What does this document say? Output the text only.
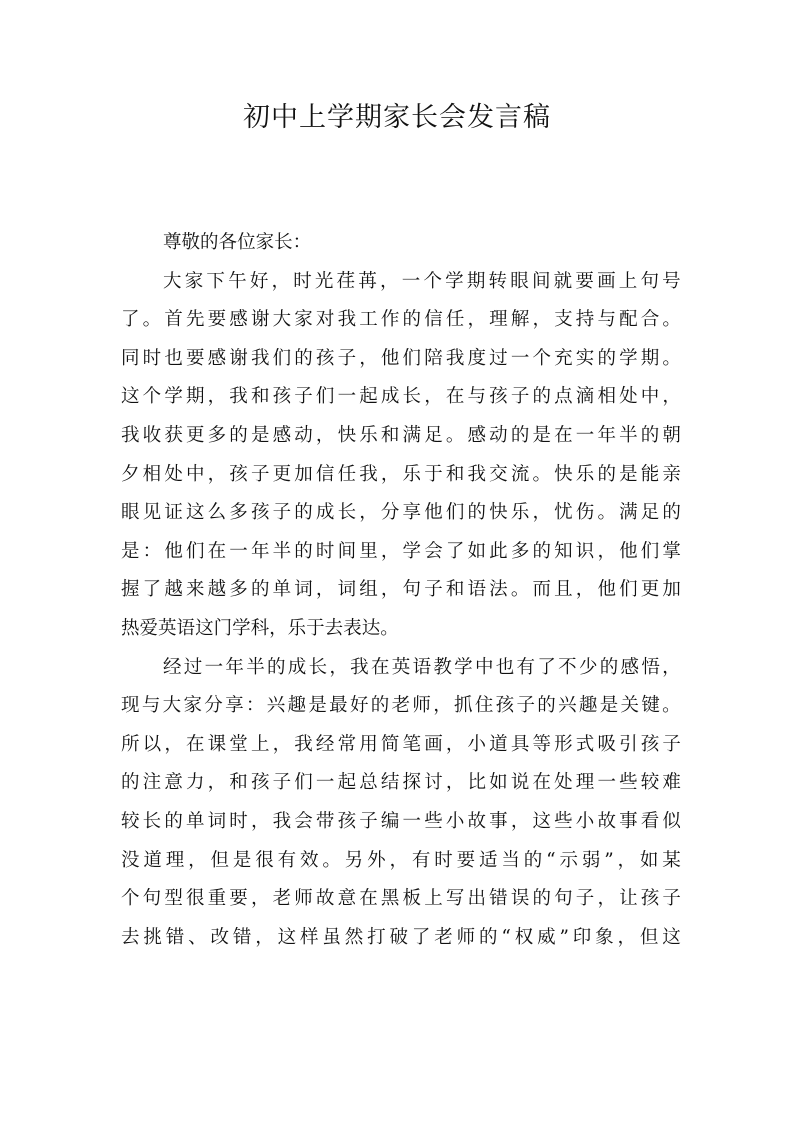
初中上学期家长会发言稿
尊 敬 的 各 位 家 长 ：
大 家 下 午 好 ， 时 光 荏 苒 ， 一 个 学 期 转 眼 间 就 要 画 上 句 号
了 。 首 先 要 感 谢 大 家 对 我 工 作 的 信 任 ， 理 解 ， 支 持 与 配 合 。
同 时 也 要 感 谢 我 们 的 孩 子 ， 他 们 陪 我 度 过 一 个 充 实 的 学 期 。
这 个 学 期 ， 我 和 孩 子 们 一 起 成 长 ， 在 与 孩 子 的 点 滴 相 处 中 ，
我 收 获 更 多 的 是 感 动 ， 快 乐 和 满 足 。 感 动 的 是 在 一 年 半 的 朝
夕 相 处 中 ， 孩 子 更 加 信 任 我 ， 乐 于 和 我 交 流 。 快 乐 的 是 能 亲
眼 见 证 这 么 多 孩 子 的 成 长 ， 分 享 他 们 的 快 乐 ， 忧 伤 。 满 足 的
是 ： 他 们 在 一 年 半 的 时 间 里 ， 学 会 了 如 此 多 的 知 识 ， 他 们 掌
握 了 越 来 越 多 的 单 词 ， 词 组 ， 句 子 和 语 法 。 而 且 ， 他 们 更 加
热 爱 英 语 这 门 学 科 ， 乐 于 去 表 达 。
经 过 一 年 半 的 成 长 ， 我 在 英 语 教 学 中 也 有 了 不 少 的 感 悟 ，
现 与 大 家 分 享 ： 兴 趣 是 最 好 的 老 师 ， 抓 住 孩 子 的 兴 趣 是 关 键 。
所 以 ， 在 课 堂 上 ， 我 经 常 用 简 笔 画 ， 小 道 具 等 形 式 吸 引 孩 子
的 注 意 力 ， 和 孩 子 们 一 起 总 结 探 讨 ， 比 如 说 在 处 理 一 些 较 难
较 长 的 单 词 时 ， 我 会 带 孩 子 编 一 些 小 故 事 ， 这 些 小 故 事 看 似
没 道 理 ， 但 是 很 有 效 。 另 外 ， 有 时 要 适 当 的 “ 示 弱 ” ， 如 某
个 句 型 很 重 要 ， 老 师 故 意 在 黑 板 上 写 出 错 误 的 句 子 ， 让 孩 子
去 挑 错 、 改 错 ， 这 样 虽 然 打 破 了 老 师 的 “ 权 威 ” 印 象 ， 但 这
